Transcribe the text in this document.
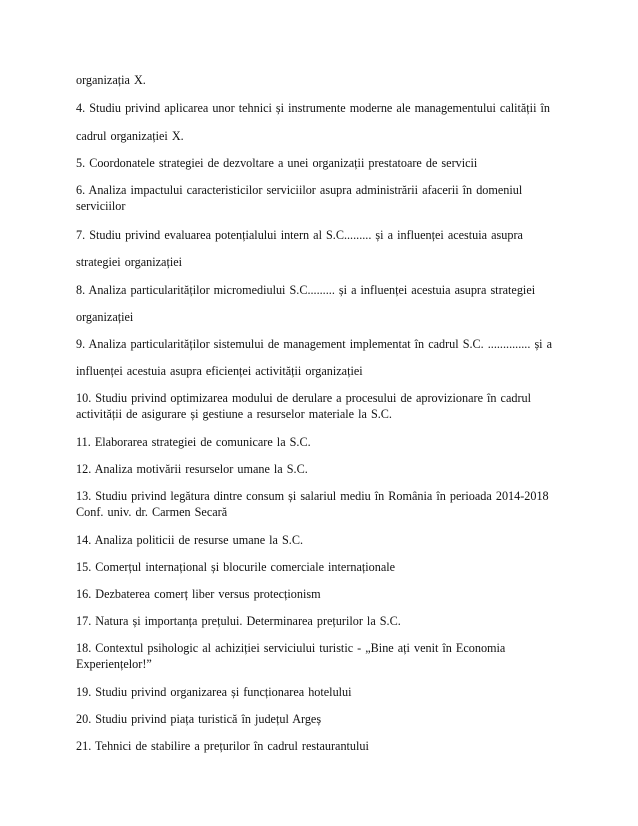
organizația X.
4. Studiu privind aplicarea unor tehnici și instrumente moderne ale managementului calității în
cadrul organizației X.
5. Coordonatele strategiei de dezvoltare a unei organizații prestatoare de servicii
6. Analiza impactului caracteristicilor serviciilor asupra administrării afacerii în domeniul
serviciilor
7. Studiu privind evaluarea potențialului intern al S.C......... și a influenței acestuia asupra
strategiei organizației
8. Analiza particularităților micromediului S.C......... și a influenței acestuia asupra strategiei
organizației
9. Analiza particularităților sistemului de management implementat în cadrul S.C. .............. și a
influenței acestuia asupra eficienței activității organizației
10. Studiu privind optimizarea modului de derulare a procesului de aprovizionare în cadrul
activității de asigurare și gestiune a resurselor materiale la S.C.
11. Elaborarea strategiei de comunicare la S.C.
12. Analiza motivării resurselor umane la S.C.
13. Studiu privind legătura dintre consum și salariul mediu în România în perioada 2014-2018
Conf. univ. dr. Carmen Secară
14. Analiza politicii de resurse umane la S.C.
15. Comerțul internațional și blocurile comerciale internaționale
16. Dezbaterea comerț liber versus protecționism
17. Natura și importanța prețului. Determinarea prețurilor la S.C.
18. Contextul psihologic al achiziției serviciului turistic - „Bine ați venit în Economia
Experiențelor!”
19. Studiu privind organizarea și funcționarea hotelului
20. Studiu privind piața turistică în județul Argeș
21. Tehnici de stabilire a prețurilor în cadrul restaurantului
